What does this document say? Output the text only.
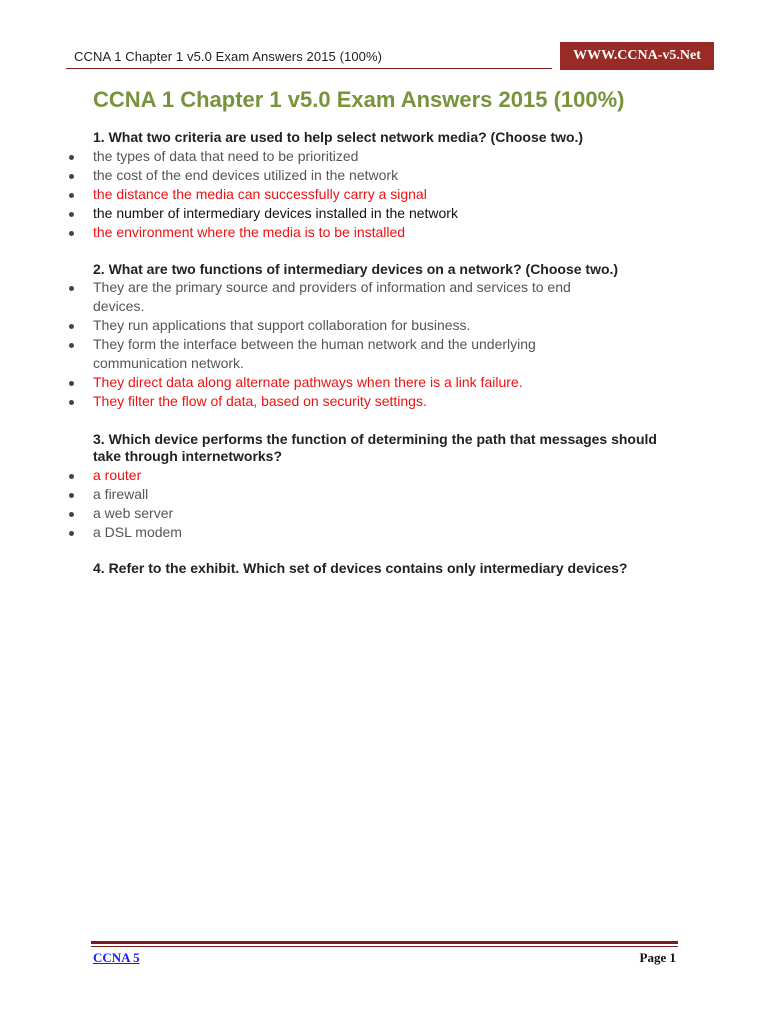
CCNA 1 Chapter 1 v5.0 Exam Answers 2015 (100%)	WWW.CCNA-v5.Net
CCNA 1 Chapter 1 v5.0 Exam Answers 2015 (100%)
1. What two criteria are used to help select network media? (Choose two.)
the types of data that need to be prioritized
the cost of the end devices utilized in the network
the distance the media can successfully carry a signal
the number of intermediary devices installed in the network
the environment where the media is to be installed
2. What are two functions of intermediary devices on a network? (Choose two.)
They are the primary source and providers of information and services to end devices.
They run applications that support collaboration for business.
They form the interface between the human network and the underlying communication network.
They direct data along alternate pathways when there is a link failure.
They filter the flow of data, based on security settings.
3. Which device performs the function of determining the path that messages should take through internetworks?
a router
a firewall
a web server
a DSL modem
4. Refer to the exhibit. Which set of devices contains only intermediary devices?
CCNA 5	Page 1
